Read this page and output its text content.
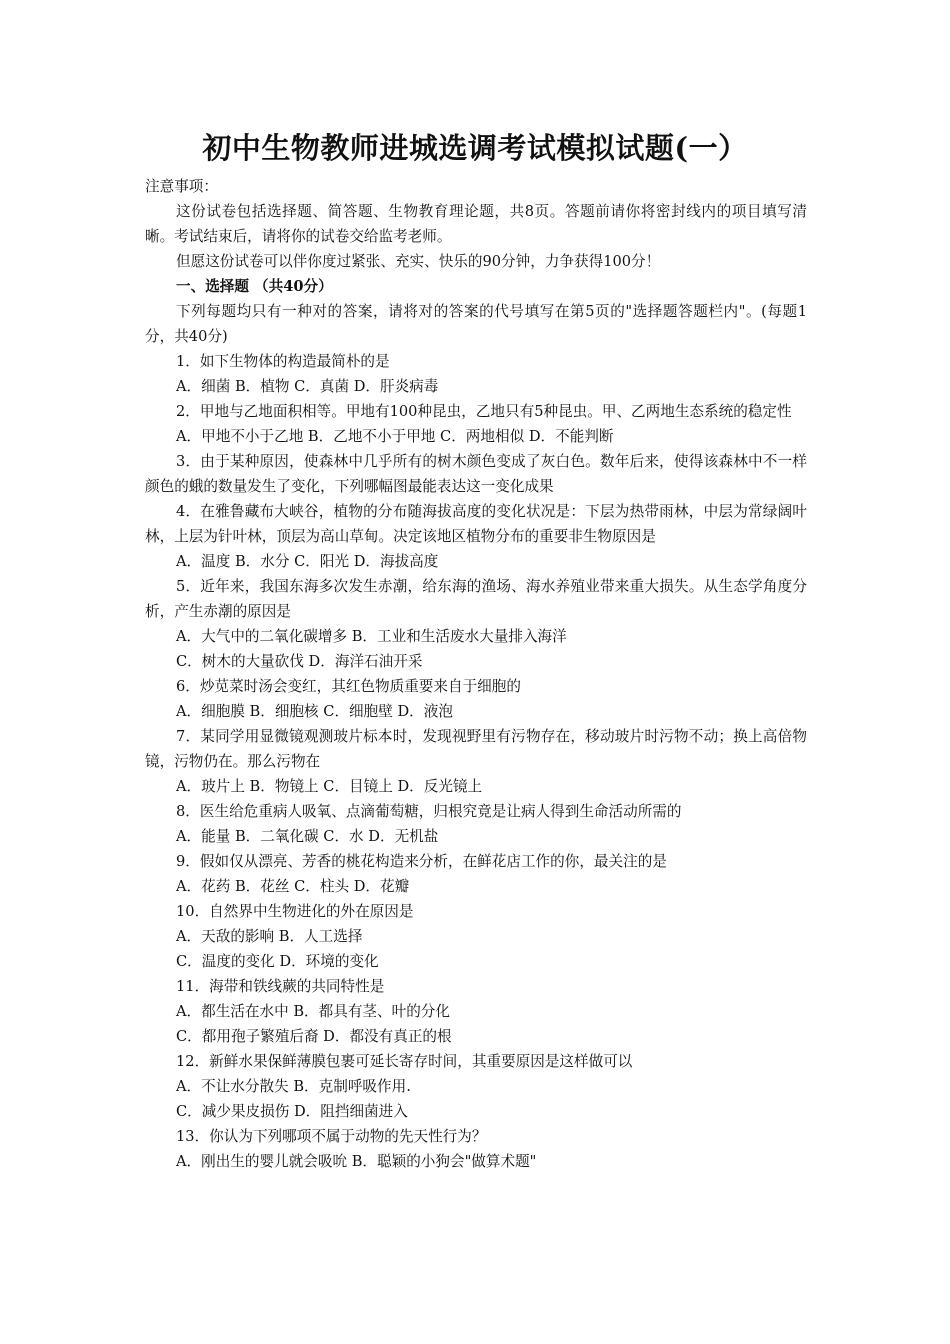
初中生物教师进城选调考试模拟试题(一）

注意事项：

这份试卷包括选择题、简答题、生物教育理论题，共8页。答题前请你将密封线内的项目填写清晰。考试结束后，请将你的试卷交给监考老师。

但愿这份试卷可以伴你度过紧张、充实、快乐的90分钟，力争获得100分！

一、选择题 （共40分）

下列每题均只有一种对的答案，请将对的答案的代号填写在第5页的"选择题答题栏内"。(每题1分，共40分)

1．如下生物体的构造最简朴的是

A．细菌 B．植物 C．真菌 D．肝炎病毒

2．甲地与乙地面积相等。甲地有100种昆虫，乙地只有5种昆虫。甲、乙两地生态系统的稳定性

A．甲地不小于乙地 B．乙地不小于甲地 C．两地相似 D．不能判断

3．由于某种原因，使森林中几乎所有的树木颜色变成了灰白色。数年后来，使得该森林中不一样颜色的蛾的数量发生了变化，下列哪幅图最能表达这一变化成果

4．在雅鲁藏布大峡谷，植物的分布随海拔高度的变化状况是：下层为热带雨林，中层为常绿阔叶林，上层为针叶林，顶层为高山草甸。决定该地区植物分布的重要非生物原因是

A．温度 B．水分 C．阳光 D．海拔高度

5．近年来，我国东海多次发生赤潮，给东海的渔场、海水养殖业带来重大损失。从生态学角度分析，产生赤潮的原因是

A．大气中的二氧化碳增多 B．工业和生活废水大量排入海洋

C．树木的大量砍伐 D．海洋石油开采

6．炒苋菜时汤会变红，其红色物质重要来自于细胞的

A．细胞膜 B．细胞核 C．细胞壁 D．液泡

7．某同学用显微镜观测玻片标本时，发现视野里有污物存在，移动玻片时污物不动；换上高倍物镜，污物仍在。那么污物在

A．玻片上 B．物镜上 C．目镜上 D．反光镜上

8．医生给危重病人吸氧、点滴葡萄糖，归根究竟是让病人得到生命活动所需的

A．能量 B．二氧化碳 C．水 D．无机盐

9．假如仅从漂亮、芳香的桃花构造来分析，在鲜花店工作的你，最关注的是

A．花药 B．花丝 C．柱头 D．花瓣

10．自然界中生物进化的外在原因是

A．天敌的影响 B．人工选择

C．温度的变化 D．环境的变化

11．海带和铁线蕨的共同特性是

A．都生活在水中 B．都具有茎、叶的分化

C．都用孢子繁殖后裔 D．都没有真正的根

12．新鲜水果保鲜薄膜包裹可延长寄存时间，其重要原因是这样做可以

A．不让水分散失 B．克制呼吸作用.

C．减少果皮损伤 D．阻挡细菌进入

13．你认为下列哪项不属于动物的先天性行为？

A．刚出生的婴儿就会吸吮 B．聪颖的小狗会"做算术题"
